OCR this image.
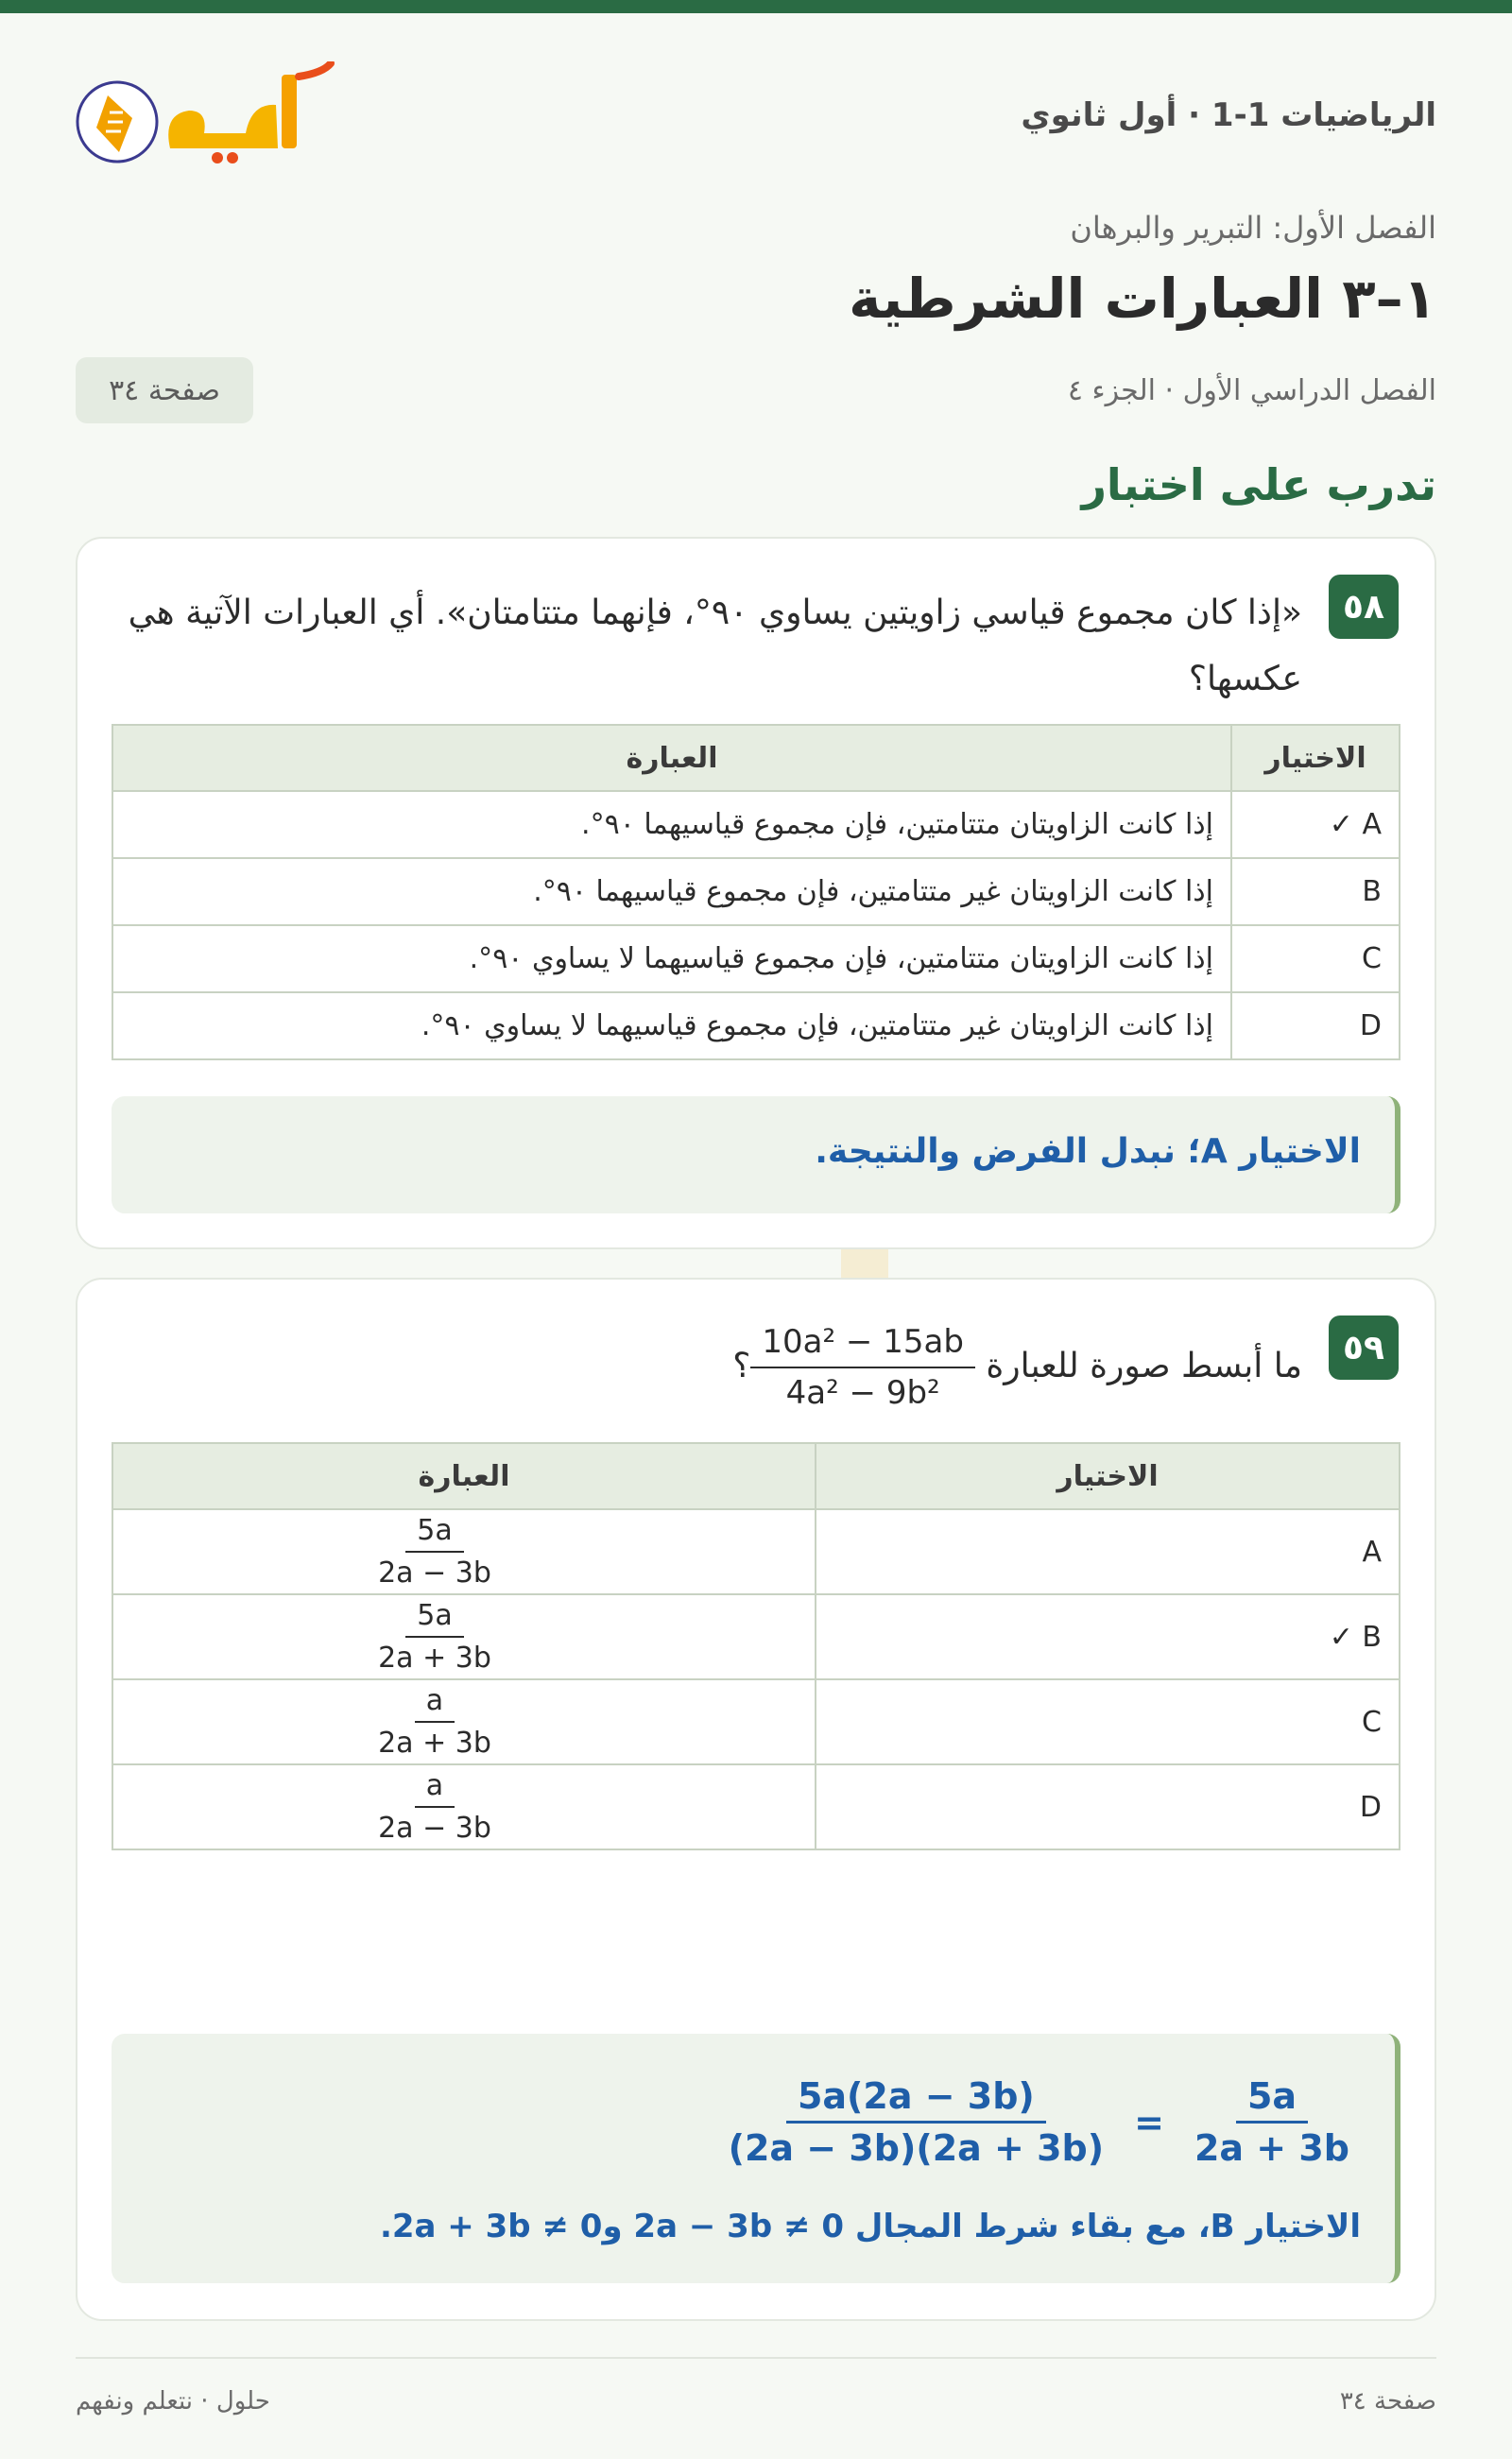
الرياضيات 1-1 · أول ثانوي
الفصل الأول: التبرير والبرهان
١–٣ العبارات الشرطية
الفصل الدراسي الأول · الجزء ٤
صفحة ٣٤
تدرب على اختبار
٥٨
«إذا كان مجموع قياسي زاويتين يساوي ٩٠°، فإنهما متتامتان». أي العبارات الآتية هي عكسها؟
الاختيار	العبارة
A ✓	إذا كانت الزاويتان متتامتين، فإن مجموع قياسيهما ٩٠°.
B	إذا كانت الزاويتان غير متتامتين، فإن مجموع قياسيهما ٩٠°.
C	إذا كانت الزاويتان متتامتين، فإن مجموع قياسيهما لا يساوي ٩٠°.
D	إذا كانت الزاويتان غير متتامتين، فإن مجموع قياسيهما لا يساوي ٩٠°.
الاختيار A؛ نبدل الفرض والنتيجة.
٥٩
ما أبسط صورة للعبارة
$\frac{\text{10a² − 15ab}}{\text{4a² − 9b²}}$
؟
الاختيار	العبارة
A	$\frac{5a}{2a - 3b}$

B ✓	$\frac{5a}{2a + 3b}$

C	$\frac{a}{2a + 3b}$

D	$\frac{a}{2a - 3b}$
$\frac{5a(2a - 3b)}{(2a - 3b)(2a + 3b)} = \frac{5a}{2a + 3b}$
الاختيار B، مع بقاء شرط المجال 2a − 3b ≠ 0 و2a + 3b ≠ 0.
صفحة ٣٤
حلول · نتعلم ونفهم
